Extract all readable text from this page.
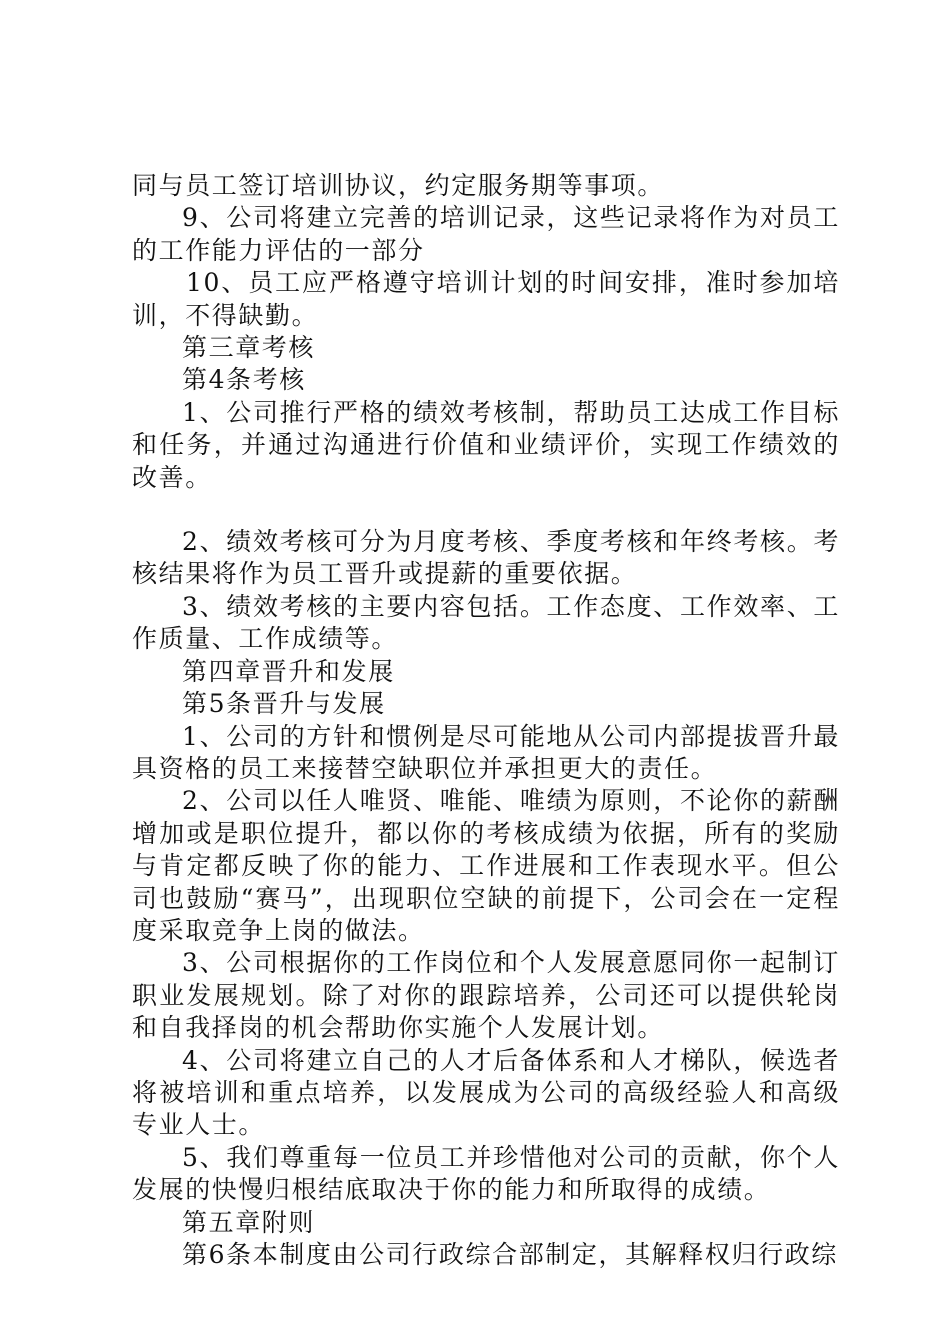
同与员工签订培训协议，约定服务期等事项。

9、公司将建立完善的培训记录，这些记录将作为对员工的工作能力评估的一部分

10、员工应严格遵守培训计划的时间安排，准时参加培训，不得缺勤。

第三章考核

第4条考核

1、公司推行严格的绩效考核制，帮助员工达成工作目标和任务，并通过沟通进行价值和业绩评价，实现工作绩效的改善。

2、绩效考核可分为月度考核、季度考核和年终考核。考核结果将作为员工晋升或提薪的重要依据。

3、绩效考核的主要内容包括。工作态度、工作效率、工作质量、工作成绩等。

第四章晋升和发展

第5条晋升与发展

1、公司的方针和惯例是尽可能地从公司内部提拔晋升最具资格的员工来接替空缺职位并承担更大的责任。

2、公司以任人唯贤、唯能、唯绩为原则，不论你的薪酬增加或是职位提升，都以你的考核成绩为依据，所有的奖励与肯定都反映了你的能力、工作进展和工作表现水平。但公司也鼓励“赛马”，出现职位空缺的前提下，公司会在一定程度采取竞争上岗的做法。

3、公司根据你的工作岗位和个人发展意愿同你一起制订职业发展规划。除了对你的跟踪培养，公司还可以提供轮岗和自我择岗的机会帮助你实施个人发展计划。

4、公司将建立自己的人才后备体系和人才梯队，候选者将被培训和重点培养，以发展成为公司的高级经验人和高级专业人士。

5、我们尊重每一位员工并珍惜他对公司的贡献，你个人发展的快慢归根结底取决于你的能力和所取得的成绩。

第五章附则

第6条本制度由公司行政综合部制定，其解释权归行政综
